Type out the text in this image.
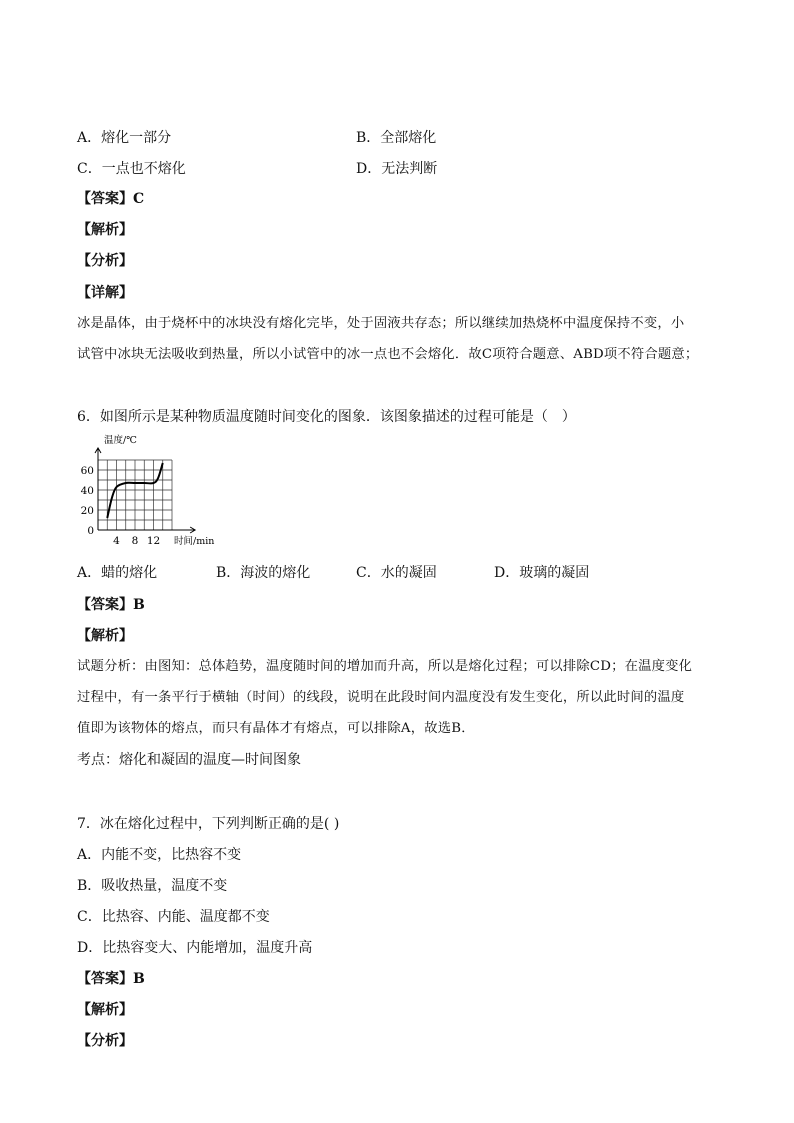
A．熔化一部分	B．全部熔化
C．一点也不熔化	D．无法判断
【答案】C
【解析】
【分析】
【详解】
冰是晶体，由于烧杯中的冰块没有熔化完毕，处于固液共存态；所以继续加热烧杯中温度保持不变，小
试管中冰块无法吸收到热量，所以小试管中的冰一点也不会熔化．故C项符合题意、ABD项不符合题意；
6．如图所示是某种物质温度随时间变化的图象．该图象描述的过程可能是（　）
0
20
40
60
4 8 12
温度/℃
时间/min
A．蜡的熔化	B．海波的熔化	C．水的凝固	D．玻璃的凝固
【答案】B
【解析】
试题分析：由图知：总体趋势，温度随时间的增加而升高，所以是熔化过程；可以排除CD；在温度变化
过程中，有一条平行于横轴（时间）的线段，说明在此段时间内温度没有发生变化，所以此时间的温度
值即为该物体的熔点，而只有晶体才有熔点，可以排除A，故选B．
考点：熔化和凝固的温度—时间图象
7．冰在熔化过程中，下列判断正确的是( )
A．内能不变，比热容不变
B．吸收热量，温度不变
C．比热容、内能、温度都不变
D．比热容变大、内能增加，温度升高
【答案】B
【解析】
【分析】
